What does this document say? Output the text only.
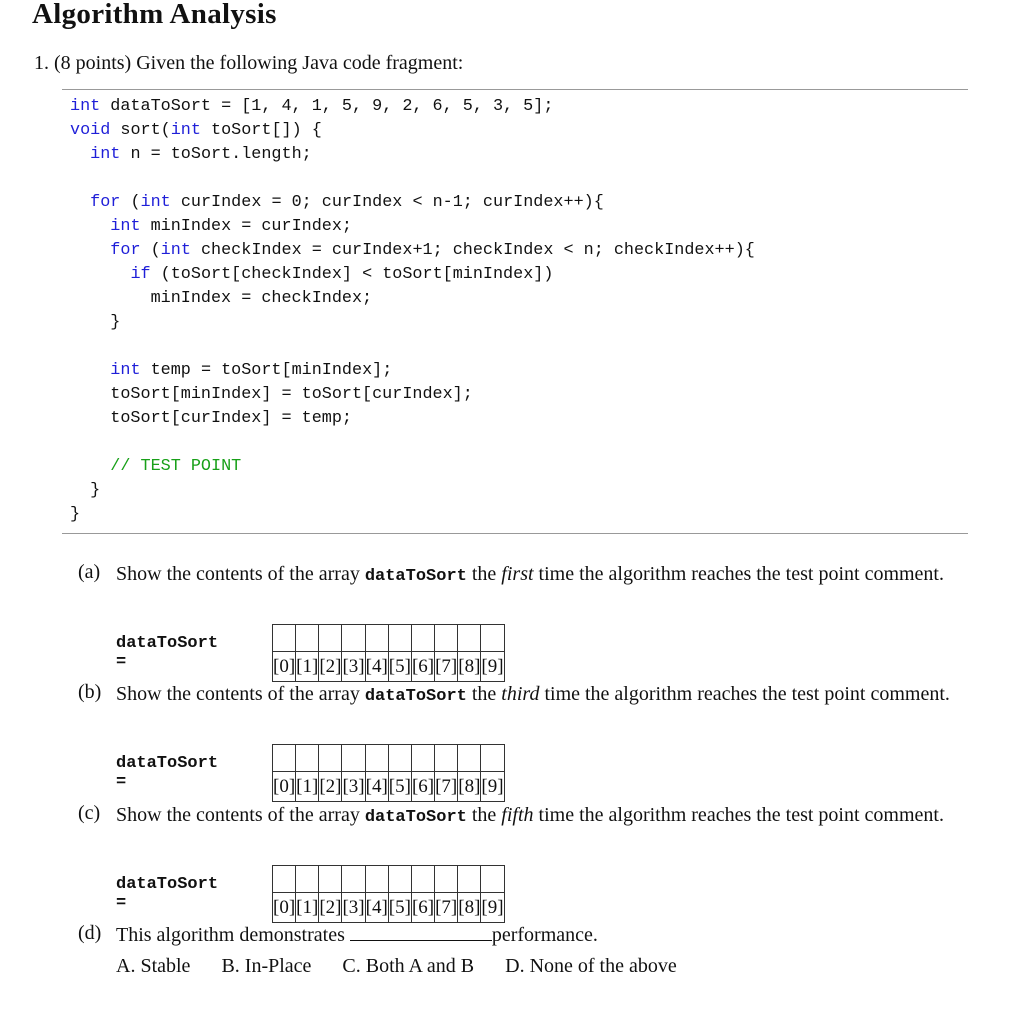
Algorithm Analysis
1. (8 points) Given the following Java code fragment:
int dataToSort = [1, 4, 1, 5, 9, 2, 6, 5, 3, 5];
void sort(int toSort[]) {
int n = toSort.length;
for (int curIndex = 0; curIndex < n-1; curIndex++){
int minIndex = curIndex;
for (int checkIndex = curIndex+1; checkIndex < n; checkIndex++){
if (toSort[checkIndex] < toSort[minIndex])
minIndex = checkIndex;
}
int temp = toSort[minIndex];
toSort[minIndex] = toSort[curIndex];
toSort[curIndex] = temp;
// TEST POINT
}
}
(a) Show the contents of the array dataToSort the first time the algorithm reaches the test point comment.
dataToSort =
										[0]	[1]	[2]	[3]	[4]	[5]	[6]	[7]	[8]	[9]
(b) Show the contents of the array dataToSort the third time the algorithm reaches the test point comment.
dataToSort =
										[0]	[1]	[2]	[3]	[4]	[5]	[6]	[7]	[8]	[9]
(c) Show the contents of the array dataToSort the fifth time the algorithm reaches the test point comment.
dataToSort =
										[0]	[1]	[2]	[3]	[4]	[5]	[6]	[7]	[8]	[9]
(d) This algorithm demonstrates	performance.
A. Stable B. In-Place C. Both A and B D. None of the above
